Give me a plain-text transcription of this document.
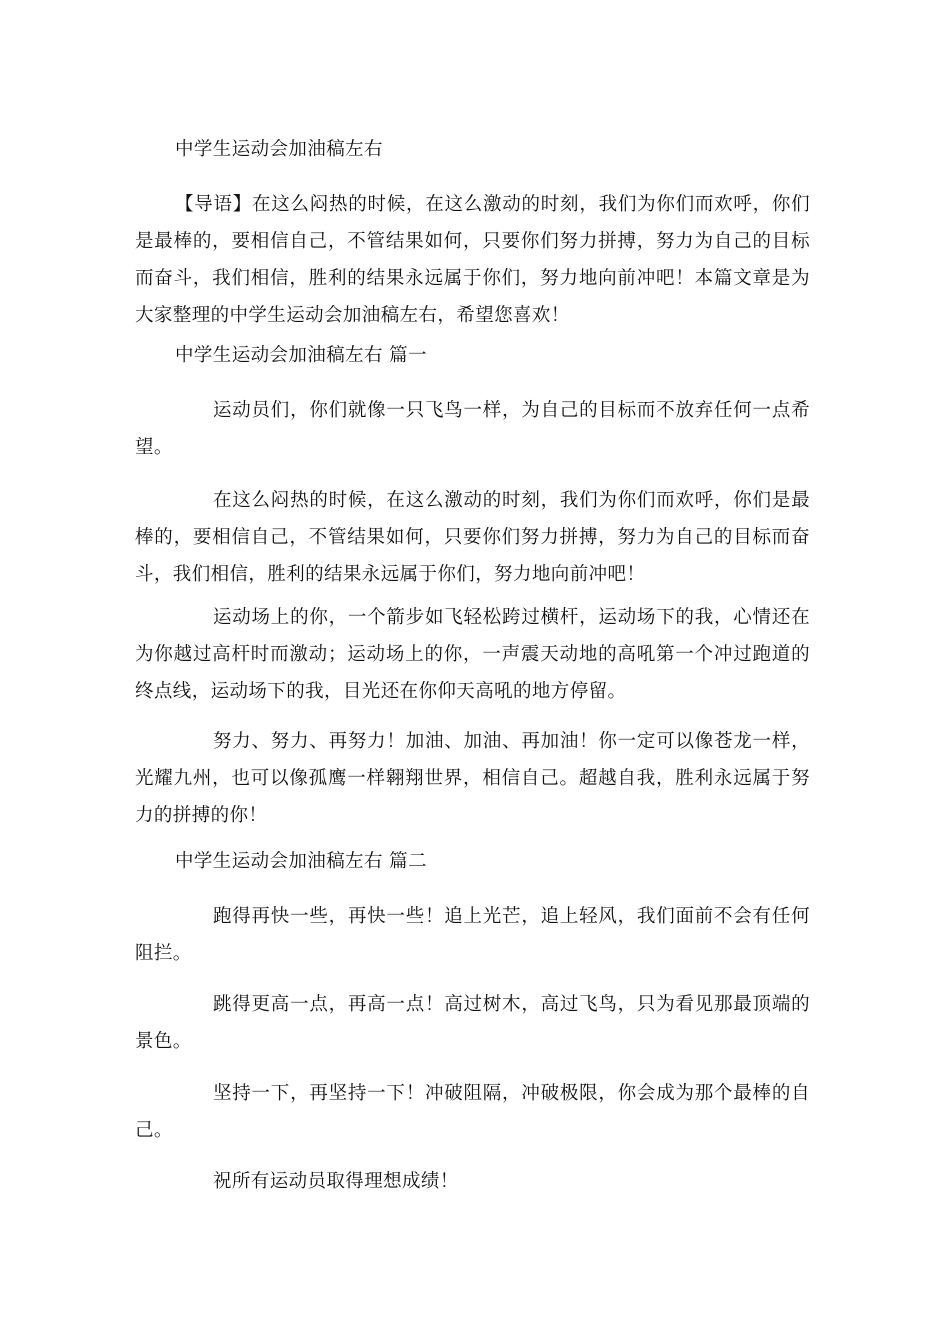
中学生运动会加油稿左右

【导语】在这么闷热的时候，在这么激动的时刻，我们为你们而欢呼，你们是最棒的，要相信自己，不管结果如何，只要你们努力拼搏，努力为自己的目标而奋斗，我们相信，胜利的结果永远属于你们，努力地向前冲吧！本篇文章是为大家整理的中学生运动会加油稿左右，希望您喜欢！

中学生运动会加油稿左右 篇一

运动员们，你们就像一只飞鸟一样，为自己的目标而不放弃任何一点希望。

在这么闷热的时候，在这么激动的时刻，我们为你们而欢呼，你们是最棒的，要相信自己，不管结果如何，只要你们努力拼搏，努力为自己的目标而奋斗，我们相信，胜利的结果永远属于你们，努力地向前冲吧！

运动场上的你，一个箭步如飞轻松跨过横杆，运动场下的我，心情还在为你越过高杆时而激动；运动场上的你，一声震天动地的高吼第一个冲过跑道的终点线，运动场下的我，目光还在你仰天高吼的地方停留。

努力、努力、再努力！加油、加油、再加油！你一定可以像苍龙一样，光耀九州，也可以像孤鹰一样翱翔世界，相信自己。超越自我，胜利永远属于努力的拼搏的你！

中学生运动会加油稿左右 篇二

跑得再快一些，再快一些！追上光芒，追上轻风，我们面前不会有任何阻拦。

跳得更高一点，再高一点！高过树木，高过飞鸟，只为看见那最顶端的景色。

坚持一下，再坚持一下！冲破阻隔，冲破极限，你会成为那个最棒的自己。

祝所有运动员取得理想成绩！
